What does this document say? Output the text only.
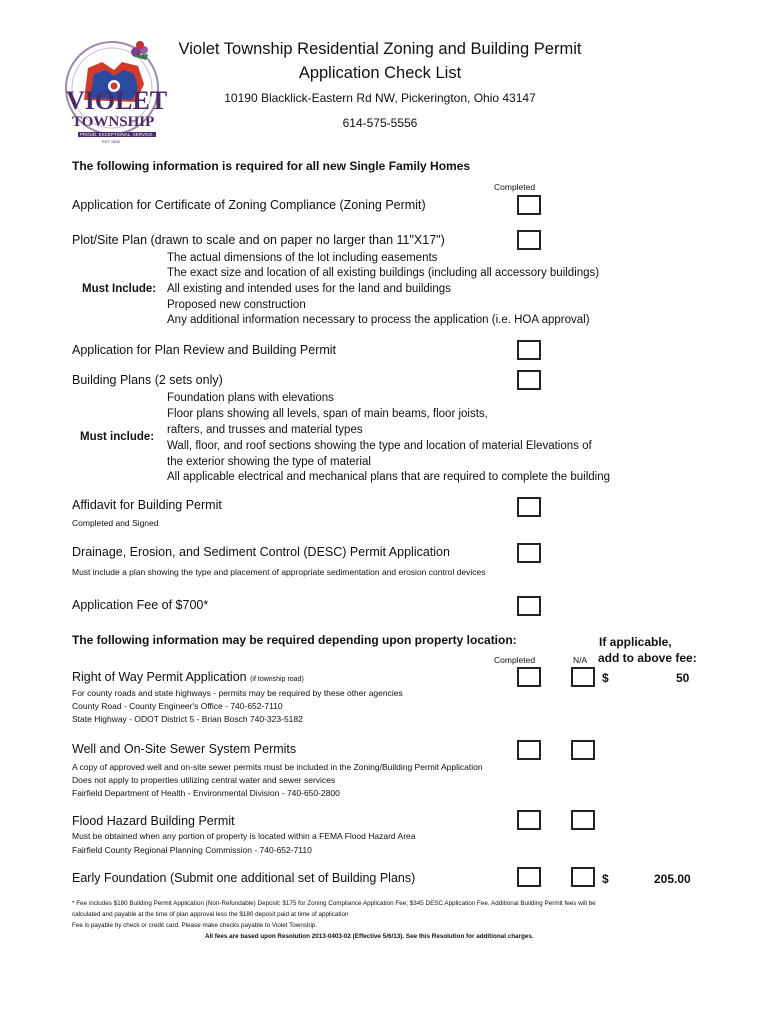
VIOLET
TOWNSHIP
PROUD. EXCEPTIONAL. SERVICE.
EST 1808
Violet Township Residential Zoning and Building Permit
Application Check List
10190 Blacklick-Eastern Rd NW, Pickerington, Ohio 43147
614-575-5556
The following information is required for all new Single Family Homes
Completed
Application for Certificate of Zoning Compliance (Zoning Permit)
Plot/Site Plan (drawn to scale and on paper no larger than 11"X17")
Must Include:
The actual dimensions of the lot including easements
The exact size and location of all existing buildings (including all accessory buildings)
All existing and intended uses for the land and buildings
Proposed new construction
Any additional information necessary to process the application (i.e. HOA approval)
Application for Plan Review and Building Permit
Building Plans (2 sets only)
Must include:
Foundation plans with elevations
Floor plans showing all levels, span of main beams, floor joists,
rafters, and trusses and material types
Wall, floor, and roof sections showing the type and location of material Elevations of
the exterior showing the type of material
All applicable electrical and mechanical plans that are required to complete the building
Affidavit for Building Permit
Completed and Signed
Drainage, Erosion, and Sediment Control (DESC) Permit Application
Must include a plan showing the type and placement of appropriate sedimentation and erosion control devices
Application Fee of $700*
The following information may be required depending upon property location:	If applicable,
add to above fee:
Completed	N/A
Right of Way Permit Application (if township road)
For county roads and state highways - permits may be required by these other agencies
County Road - County Engineer's Office - 740-652-7110
State Highway - ODOT District 5 - Brian Bosch 740-323-5182
$	50
Well and On-Site Sewer System Permits
A copy of approved well and on-site sewer permits must be included in the Zoning/Building Permit Application
Does not apply to properties utilizing central water and sewer services
Fairfield Department of Health - Environmental Division - 740-650-2800
Flood Hazard Building Permit
Must be obtained when any portion of property is located within a FEMA Flood Hazard Area
Fairfield County Regional Planning Commission - 740-652-7110
Early Foundation (Submit one additional set of Building Plans)	$	205.00
* Fee includes $180 Building Permit Application (Non-Refundable) Deposit; $175 for Zoning Compliance Application Fee; $345 DESC Application Fee. Additional Building Permit fees will be
calculated and payable at the time of plan approval less the $180 deposit paid at time of application
Fee is payable by check or credit card. Please make checks payable to Violet Township.
All fees are based upon Resolution 2013-0403-02 (Effective 5/6/13). See this Resolution for additional charges.
